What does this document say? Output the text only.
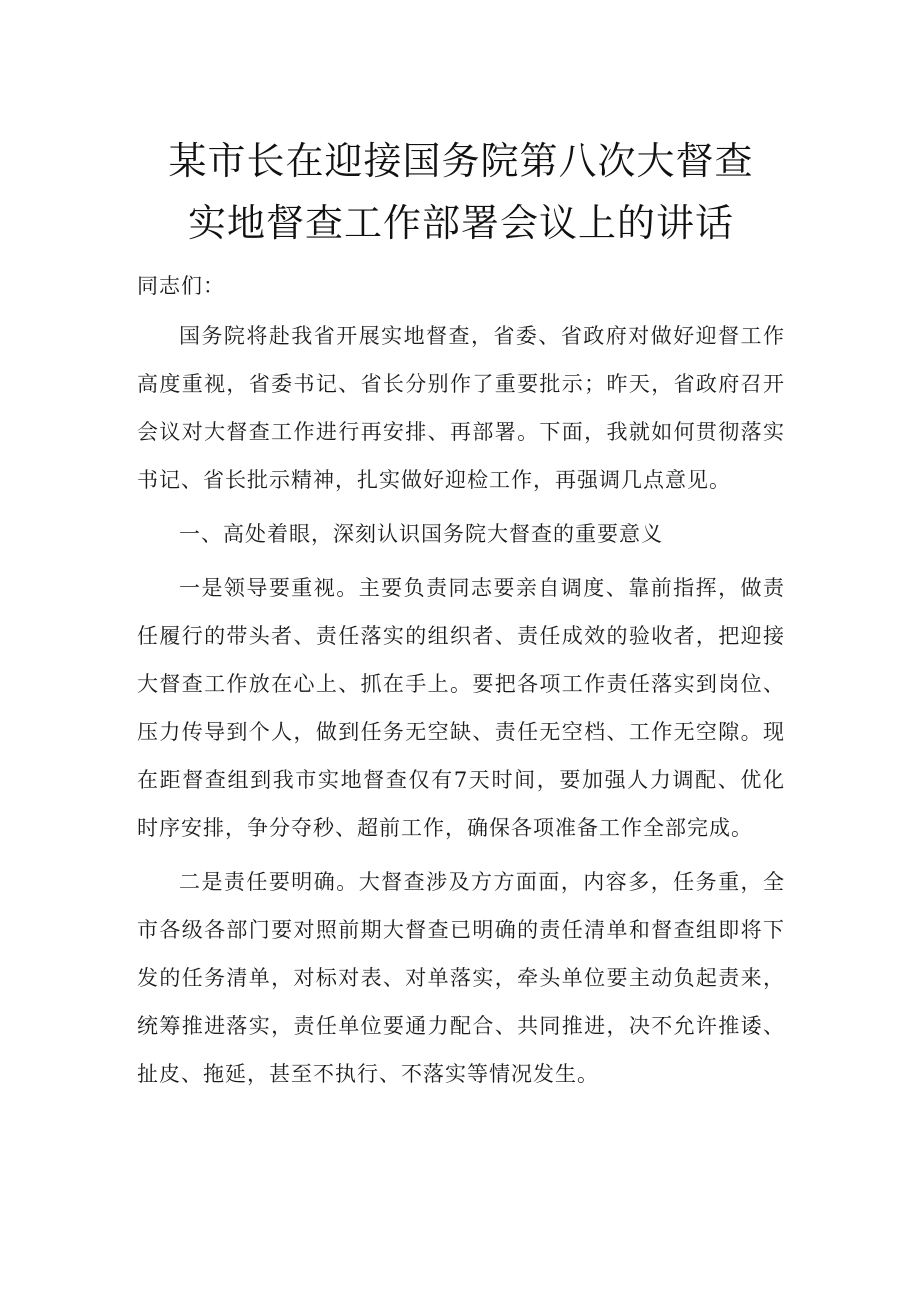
某市长在迎接国务院第八次大督查
实地督查工作部署会议上的讲话

同志们：

国务院将赴我省开展实地督查，省委、省政府对做好迎督工作高度重视，省委书记、省长分别作了重要批示；昨天，省政府召开会议对大督查工作进行再安排、再部署。下面，我就如何贯彻落实书记、省长批示精神，扎实做好迎检工作，再强调几点意见。

一、高处着眼，深刻认识国务院大督查的重要意义

一是领导要重视。主要负责同志要亲自调度、靠前指挥，做责任履行的带头者、责任落实的组织者、责任成效的验收者，把迎接大督查工作放在心上、抓在手上。要把各项工作责任落实到岗位、压力传导到个人，做到任务无空缺、责任无空档、工作无空隙。现在距督查组到我市实地督查仅有7天时间，要加强人力调配、优化时序安排，争分夺秒、超前工作，确保各项准备工作全部完成。

二是责任要明确。大督查涉及方方面面，内容多，任务重，全市各级各部门要对照前期大督查已明确的责任清单和督查组即将下发的任务清单，对标对表、对单落实，牵头单位要主动负起责来，统筹推进落实，责任单位要通力配合、共同推进，决不允许推诿、扯皮、拖延，甚至不执行、不落实等情况发生。
